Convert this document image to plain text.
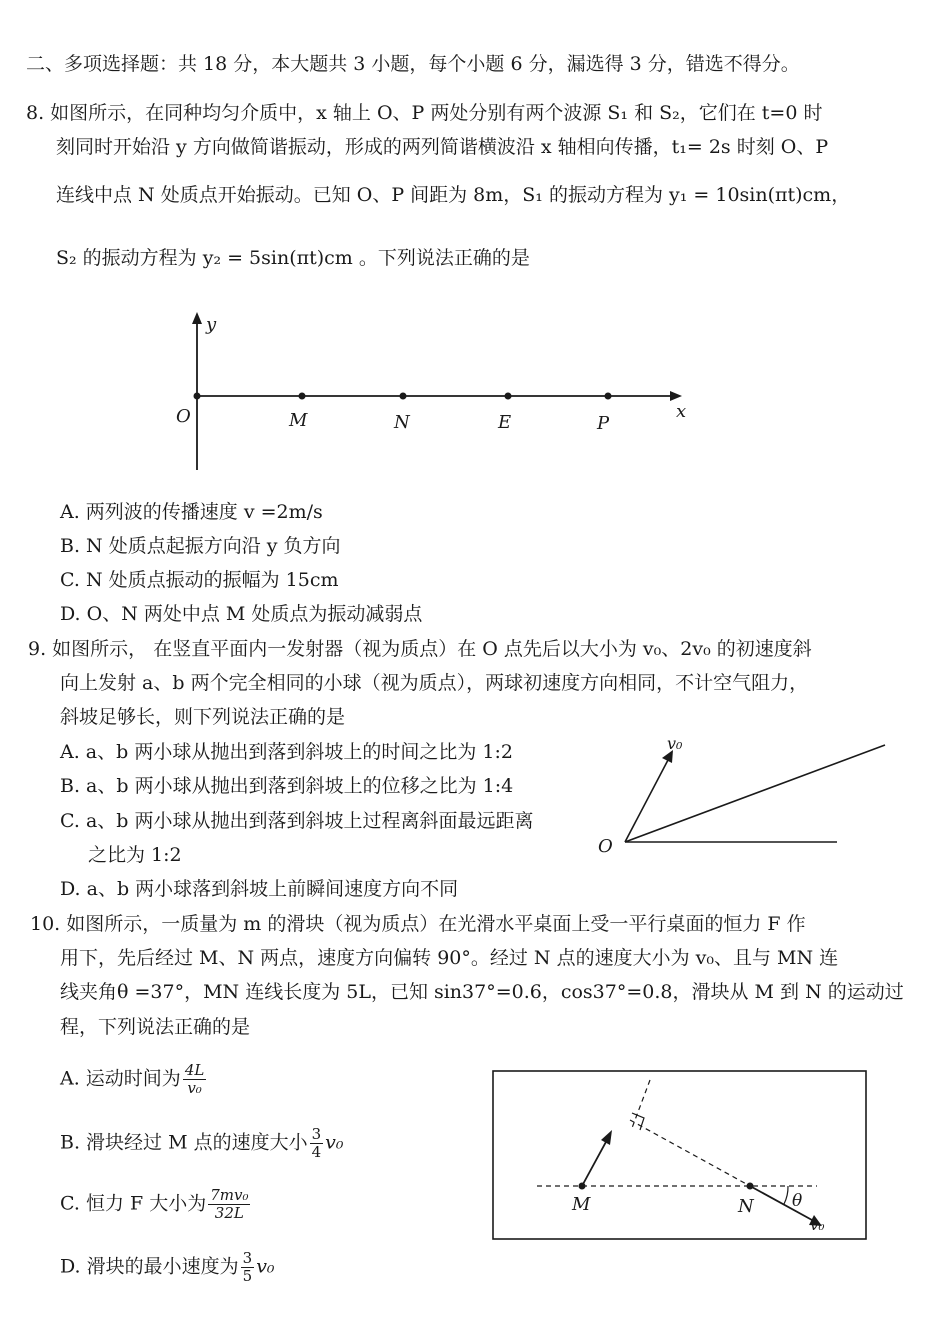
二、多项选择题：共 18 分，本大题共 3 小题，每个小题 6 分，漏选得 3 分，错选不得分。
8. 如图所示，在同种均匀介质中，x 轴上 O、P 两处分别有两个波源 S₁ 和 S₂，它们在 t=0 时
刻同时开始沿 y 方向做简谐振动，形成的两列简谐横波沿 x 轴相向传播，t₁= 2s 时刻 O、P
连线中点 N 处质点开始振动。已知 O、P 间距为 8m，S₁ 的振动方程为 y₁ = 10sin(πt)cm，
S₂ 的振动方程为 y₂ = 5sin(πt)cm 。下列说法正确的是
y
x
O	M	N	E	P
A. 两列波的传播速度 v =2m/s
B. N 处质点起振方向沿 y 负方向
C. N 处质点振动的振幅为 15cm
D. O、N 两处中点 M 处质点为振动减弱点
9. 如图所示， 在竖直平面内一发射器（视为质点）在 O 点先后以大小为 v₀、2v₀ 的初速度斜
向上发射 a、b 两个完全相同的小球（视为质点），两球初速度方向相同，不计空气阻力，
斜坡足够长，则下列说法正确的是
A. a、b 两小球从抛出到落到斜坡上的时间之比为 1:2
B. a、b 两小球从抛出到落到斜坡上的位移之比为 1:4
C. a、b 两小球从抛出到落到斜坡上过程离斜面最远距离
之比为 1:2
D. a、b 两小球落到斜坡上前瞬间速度方向不同
v₀
O
10. 如图所示，一质量为 m 的滑块（视为质点）在光滑水平桌面上受一平行桌面的恒力 F 作
用下，先后经过 M、N 两点，速度方向偏转 90°。经过 N 点的速度大小为 v₀、且与 MN 连
线夹角θ =37°，MN 连线长度为 5L，已知 sin37°=0.6，cos37°=0.8，滑块从 M 到 N 的运动过
程，下列说法正确的是
A. 运动时间为 $\frac{4L}{\text{v₀}}$
B. 滑块经过 M 点的速度大小 $\frac{3}{4} v_0$
C. 恒力 F 大小为 $\frac{\text{7mv₀}}{32L}$
D. 滑块的最小速度为 $\frac{3}{5} v_0$
M	N θ
v₀
